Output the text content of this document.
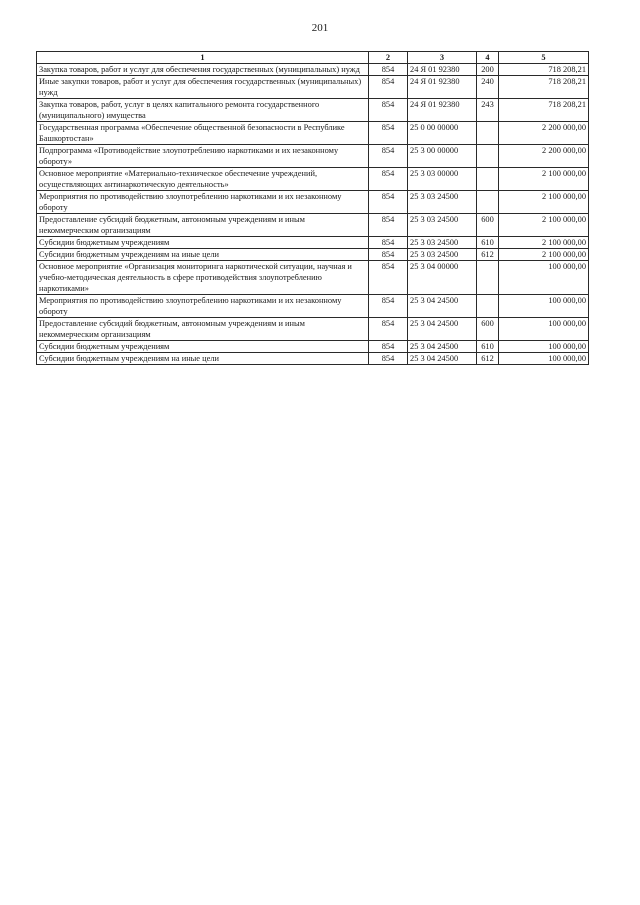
201
1	2	3	4	5
Закупка товаров, работ и услуг для обеспечения государственных (муниципальных) нужд	854	24 Я 01 92380	200	718 208,21
Иные закупки товаров, работ и услуг для обеспечения государственных (муниципальных) нужд	854	24 Я 01 92380	240	718 208,21
Закупка товаров, работ, услуг в целях капитального ремонта государственного (муниципального) имущества	854	24 Я 01 92380	243	718 208,21
Государственная программа «Обеспечение общественной безопасности в Республике Башкортостан»	854	25 0 00 00000		2 200 000,00
Подпрограмма «Противодействие злоупотреблению наркотиками и их незаконному обороту»	854	25 3 00 00000		2 200 000,00
Основное мероприятие «Материально-техническое обеспечение учреждений, осуществляющих антинаркотическую деятельность»	854	25 3 03 00000		2 100 000,00
Мероприятия по противодействию злоупотреблению наркотиками и их незаконному обороту	854	25 3 03 24500		2 100 000,00
Предоставление субсидий бюджетным, автономным учреждениям и иным некоммерческим организациям	854	25 3 03 24500	600	2 100 000,00
Субсидии бюджетным учреждениям	854	25 3 03 24500	610	2 100 000,00
Субсидии бюджетным учреждениям на иные цели	854	25 3 03 24500	612	2 100 000,00
Основное мероприятие «Организация мониторинга наркотической ситуации, научная и учебно-методическая деятельность в сфере противодействия злоупотреблению наркотиками»	854	25 3 04 00000		100 000,00
Мероприятия по противодействию злоупотреблению наркотиками и их незаконному обороту	854	25 3 04 24500		100 000,00
Предоставление субсидий бюджетным, автономным учреждениям и иным некоммерческим организациям	854	25 3 04 24500	600	100 000,00
Субсидии бюджетным учреждениям	854	25 3 04 24500	610	100 000,00
Субсидии бюджетным учреждениям на иные цели	854	25 3 04 24500	612	100 000,00
